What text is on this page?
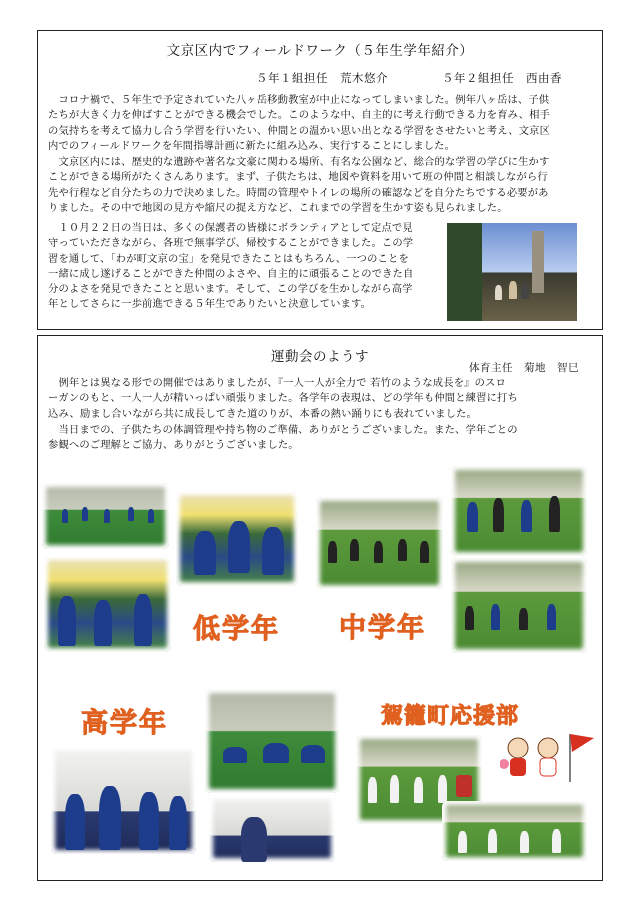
文京区内でフィールドワーク（５年生学年紹介）
５年１組担任　荒木悠介	５年２組担任　西由香
　コロナ禍で、５年生で予定されていた八ヶ岳移動教室が中止になってしまいました。例年八ヶ岳は、子供
たちが大きく力を伸ばすことができる機会でした。このような中、自主的に考え行動できる力を育み、相手
の気持ちを考えて協力し合う学習を行いたい、仲間との温かい思い出となる学習をさせたいと考え、文京区
内でのフィールドワークを年間指導計画に新たに組み込み、実行することにしました。
　文京区内には、歴史的な遺跡や著名な文豪に関わる場所、有名な公園など、総合的な学習の学びに生かす
ことができる場所がたくさんあります。まず、子供たちは、地図や資料を用いて班の仲間と相談しながら行
先や行程など自分たちの力で決めました。時間の管理やトイレの場所の確認などを自分たちでする必要があ
りました。その中で地図の見方や縮尺の捉え方など、これまでの学習を生かす姿も見られました。
　１０月２２日の当日は、多くの保護者の皆様にボランティアとして定点で見
守っていただきながら、各班で無事学び、帰校することができました。この学
習を通して、「わが町文京の宝」を発見できたことはもちろん、一つのことを
一緒に成し遂げることができた仲間のよさや、自主的に頑張ることのできた自
分のよさを発見できたことと思います。そして、この学びを生かしながら高学
年としてさらに一歩前進できる５年生でありたいと決意しています。
運動会のようす
体育主任　菊地　智巳
　例年とは異なる形での開催ではありましたが、『一人一人が全力で 若竹のような成長を』のスロ
ーガンのもと、一人一人が精いっぱい頑張りました。各学年の表現は、どの学年も仲間と練習に打ち
込み、励まし合いながら共に成長してきた道のりが、本番の熱い踊りにも表れていました。
　当日までの、子供たちの体調管理や持ち物のご準備、ありがとうございました。また、学年ごとの
参観へのご理解とご協力、ありがとうございました。
低学年 中学年
高学年	駕籠町応援部
